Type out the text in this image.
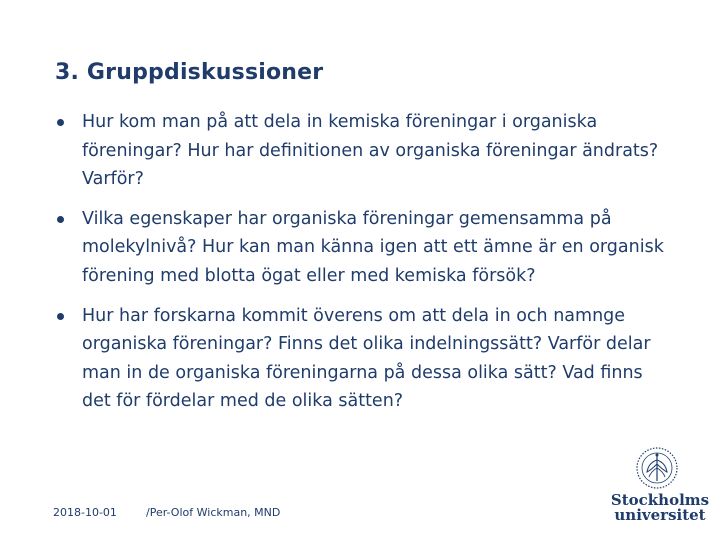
3. Gruppdiskussioner
Hur kom man på att dela in kemiska föreningar i organiska föreningar? Hur har definitionen av organiska föreningar ändrats? Varför?
Vilka egenskaper har organiska föreningar gemensamma på molekylnivå? Hur kan man känna igen att ett ämne är en organisk förening med blotta ögat eller med kemiska försök?
Hur har forskarna kommit överens om att dela in och namnge organiska föreningar? Finns det olika indelningssätt? Varför delar man in de organiska föreningarna på dessa olika sätt? Vad finns det för fördelar med de olika sätten?
2018-10-01	/Per-Olof Wickman, MND
Stockholms
universitet
